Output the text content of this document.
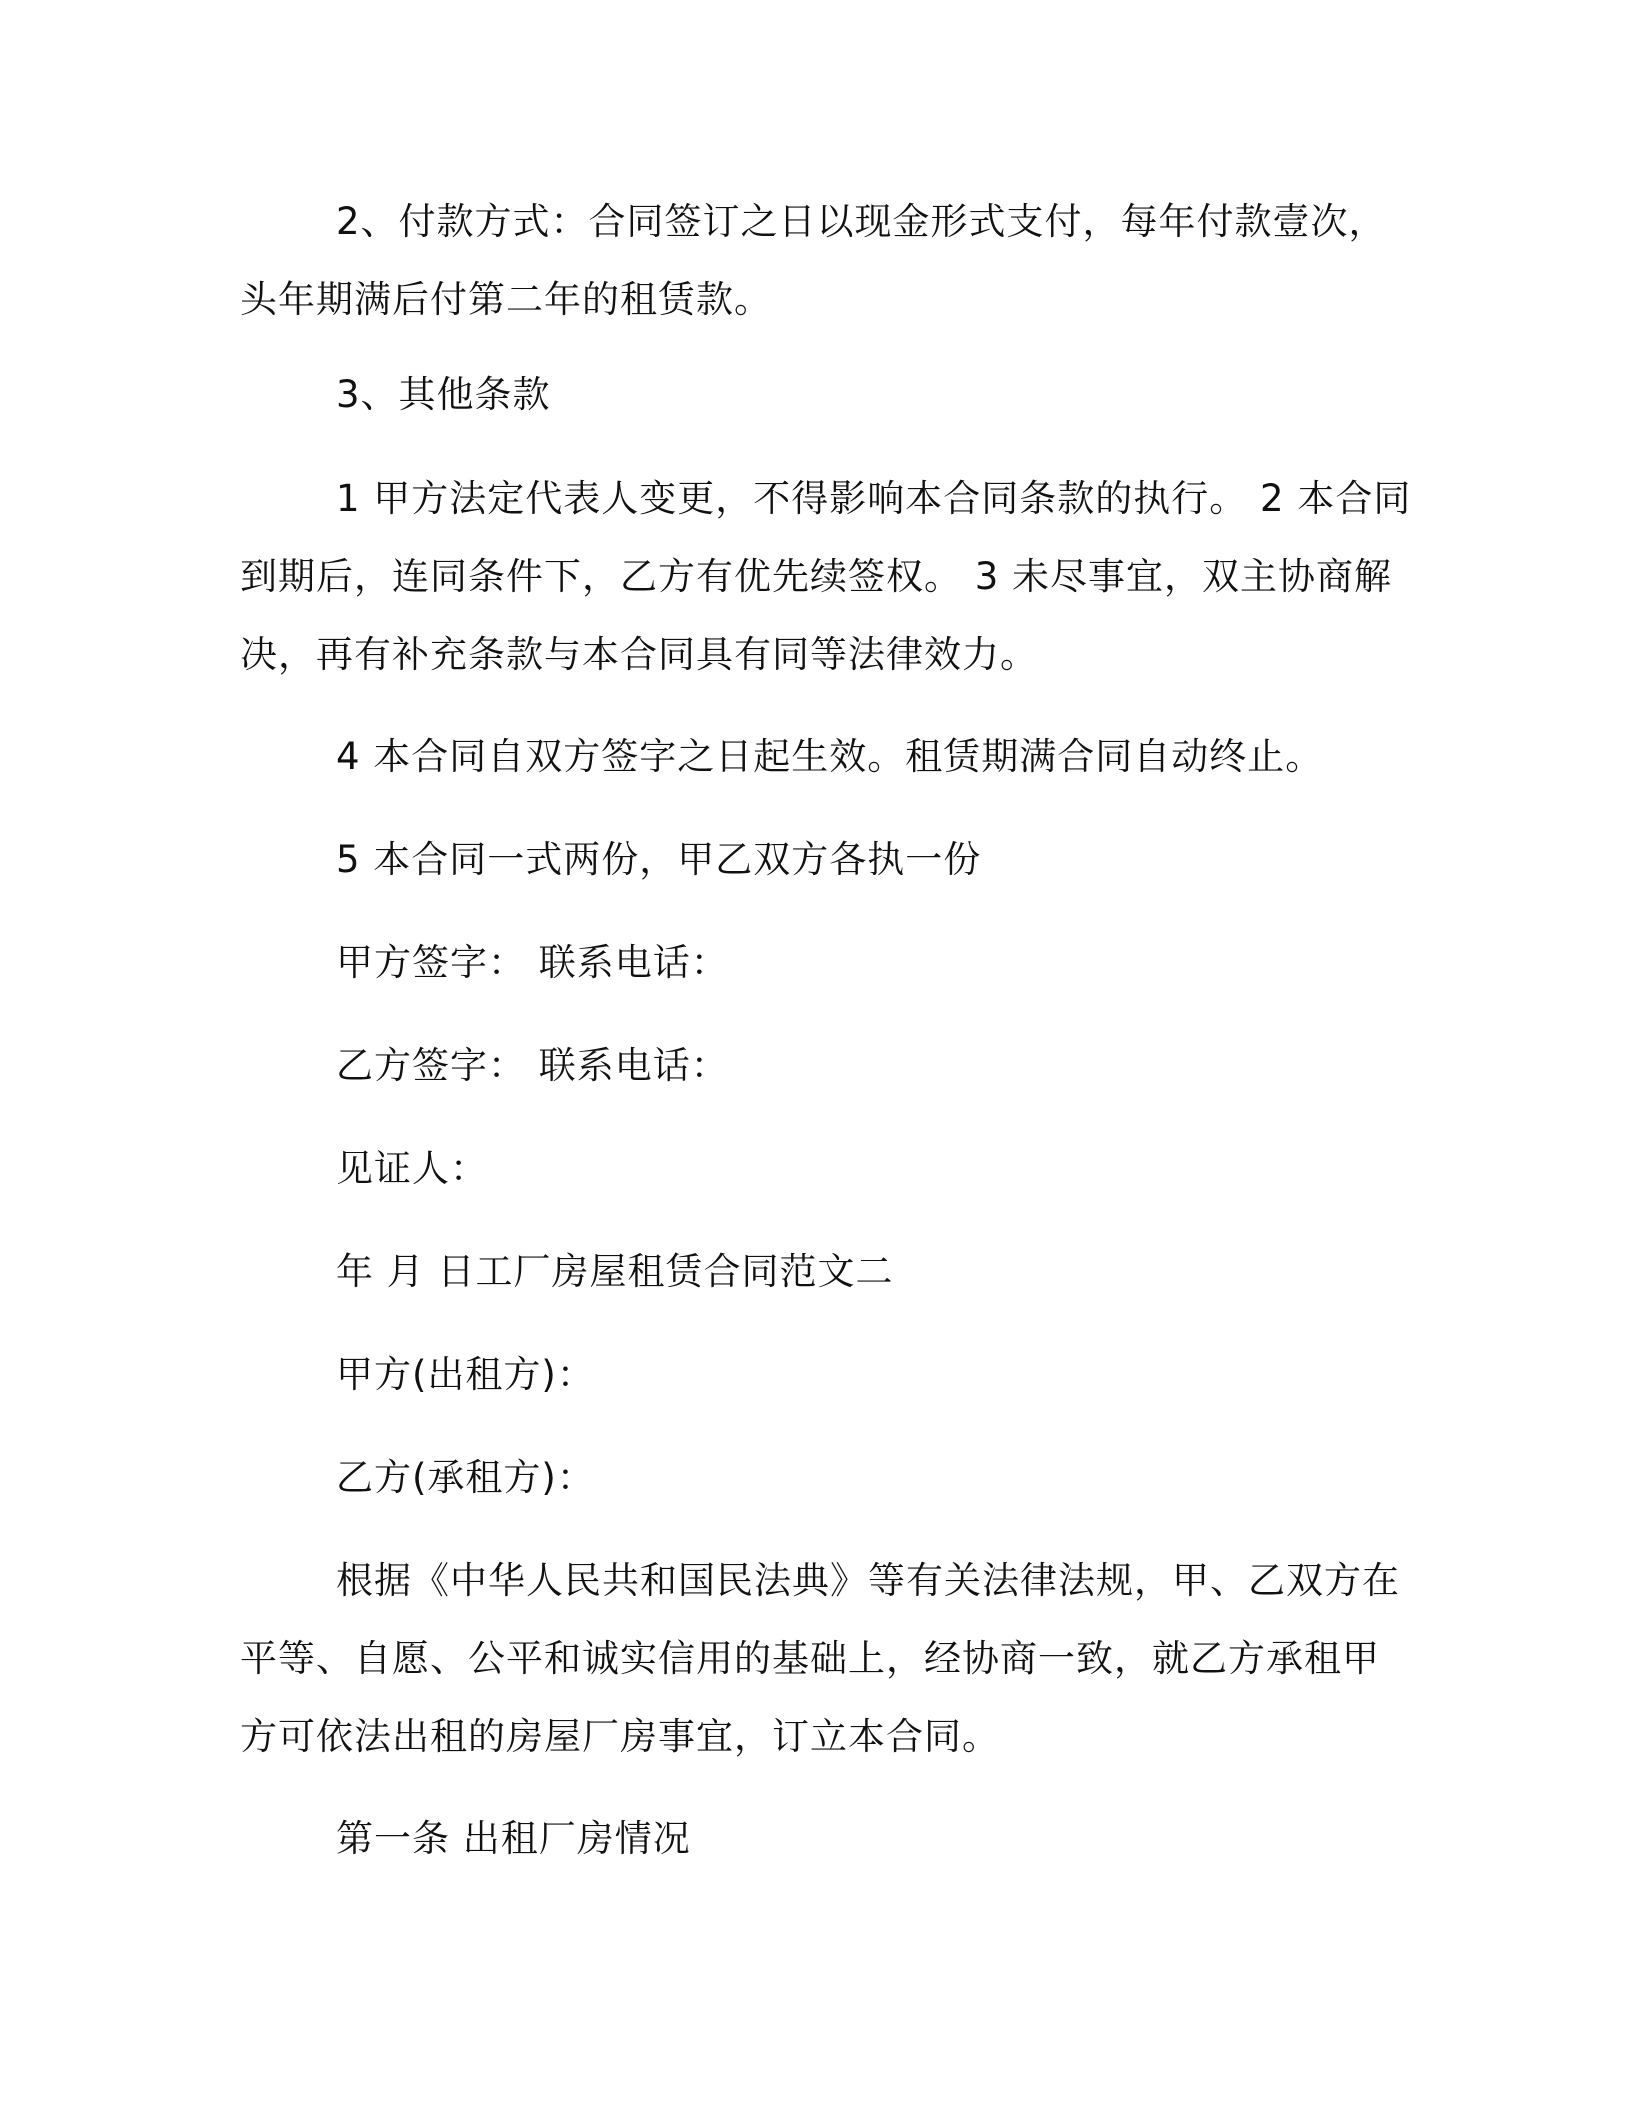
2、付款方式：合同签订之日以现金形式支付，每年付款壹次，
头年期满后付第二年的租赁款。
3、其他条款
1 甲方法定代表人变更，不得影响本合同条款的执行。 2 本合同
到期后，连同条件下，乙方有优先续签权。 3 未尽事宜，双主协商解
决，再有补充条款与本合同具有同等法律效力。
4 本合同自双方签字之日起生效。租赁期满合同自动终止。
5 本合同一式两份，甲乙双方各执一份
甲方签字： 联系电话：
乙方签字： 联系电话：
见证人：
年 月 日工厂房屋租赁合同范文二
甲方(出租方)：
乙方(承租方)：
根据《中华人民共和国民法典》等有关法律法规，甲、乙双方在
平等、自愿、公平和诚实信用的基础上，经协商一致，就乙方承租甲
方可依法出租的房屋厂房事宜，订立本合同。
第一条 出租厂房情况
